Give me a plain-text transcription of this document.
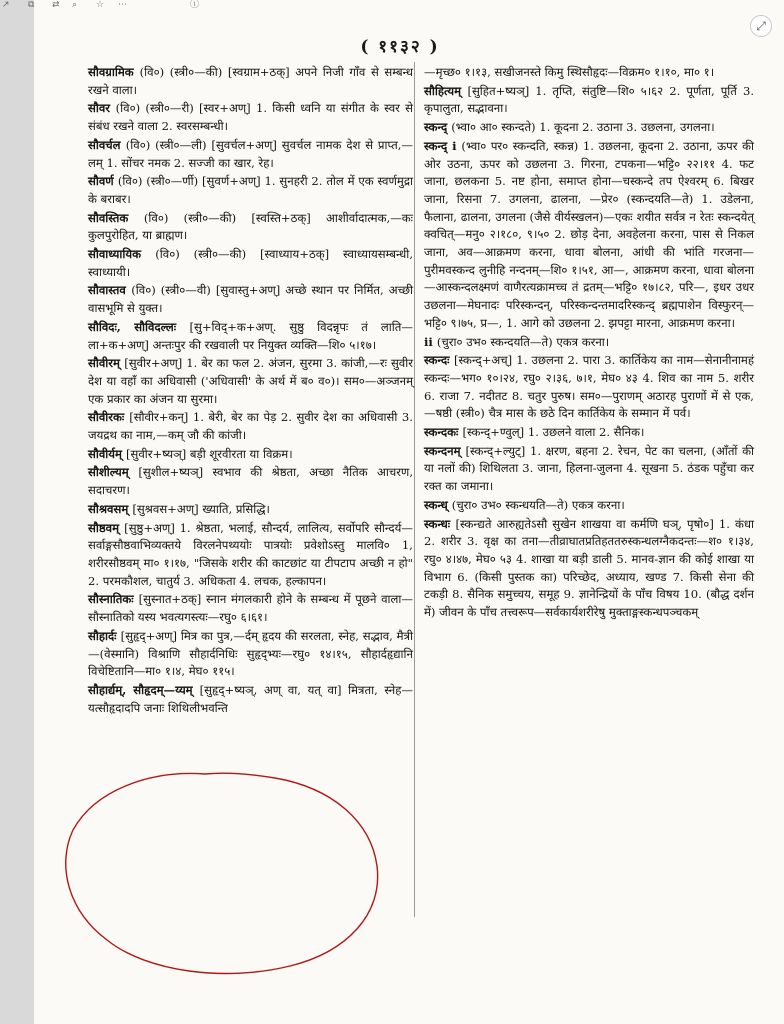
↗ ⧉ ⇄ ⌕ ☆ ⋯	ⓘ
⤢
( ११३२ )

सौवग्रामिक (वि०) (स्त्री०—की) [स्वग्राम+ठक्] अपने निजी गाँव से सम्बन्ध रखने वाला।

सौवर (वि०) (स्त्री०—री) [स्वर+अण्] 1. किसी ध्वनि या संगीत के स्वर से संबंध रखने वाला 2. स्वरसम्बन्धी।

सौवर्चल (वि०) (स्त्री०—ली) [सुवर्चल+अण्] सुवर्चल नामक देश से प्राप्त,—लम् 1. सोंचर नमक 2. सज्जी का खार, रेह।

सौवर्ण (वि०) (स्त्री०—र्णी) [सुवर्ण+अण्] 1. सुनहरी 2. तोल में एक स्वर्णमुद्रा के बराबर।

सौवस्तिक (वि०) (स्त्री०—की) [स्वस्ति+ठक्] आशीर्वादात्मक,—कः कुलपुरोहित, या ब्राह्मण।

सौवाध्यायिक (वि०) (स्त्री०—की) [स्वाध्याय+ठक्] स्वाध्यायसम्बन्धी, स्वाध्यायी।

सौवास्तव (वि०) (स्त्री०—वी) [सुवास्तु+अण्] अच्छे स्थान पर निर्मित, अच्छी वासभूमि से युक्त।

सौविदः, सौविदल्लः [सु+विद्+क+अण्. सुष्ठु विदन्नृपः तं लाति—ला+क+अण्] अन्तःपुर की रखवाली पर नियुक्त व्यक्ति—शि० ५।१७।

सौवीरम् [सुवीर+अण्] 1. बेर का फल 2. अंजन, सुरमा 3. कांजी,—रः सुवीर देश या वहाँ का अधिवासी ('अधिवासी' के अर्थ में ब० व०)। सम०—अञ्जनम् एक प्रकार का अंजन या सुरमा।

सौवीरकः [सौवीर+कन्] 1. बेरी, बेर का पेड़ 2. सुवीर देश का अधिवासी 3. जयद्रथ का नाम,—कम् जौ की कांजी।

सौवीर्यम् [सुवीर+ष्यञ्] बड़ी शूरवीरता या विक्रम।

सौशील्यम् [सुशील+ष्यञ्] स्वभाव की श्रेष्ठता, अच्छा नैतिक आचरण, सदाचरण।

सौश्रवसम् [सुश्रवस+अण्] ख्याति, प्रसिद्धि।

सौष्ठवम् [सुष्ठु+अण्] 1. श्रेष्ठता, भलाई, सौन्दर्य, लालित्य, सर्वोपरि सौन्दर्य—सर्वाङ्गसौष्ठवाभिव्यक्तये विरलनेपथ्ययोः पात्रयोः प्रवेशोऽस्तु मालवि० 1, शरीरसौष्ठवम् मा० १।१७, "जिसके शरीर की काटछांट या टीपटाप अच्छी न हो" 2. परमकौशल, चातुर्य 3. अधिकता 4. लचक, हल्कापन।

सौस्नातिकः [सुस्नात+ठक्] स्नान मंगलकारी होने के सम्बन्ध में पूछने वाला—सौस्नातिको यस्य भवत्यगस्त्यः—रघु० ६।६१।

सौहार्दः [सुहृद्+अण्] मित्र का पुत्र,—र्दम् हृदय की सरलता, स्नेह, सद्भाव, मैत्री—(वेस्मानि) विश्राणि सौहार्दनिधिः सुहृद्भ्यः—रघु० १४।१५, सौहार्दहृद्यानि विचेष्टितानि—मा० १।४, मेघ० ११५।

सौहार्द्यम्, सौहृदम्—य्यम् [सुहृद्+ष्यञ्, अण् वा, यत् वा] मित्रता, स्नेह—यत्सौहृदादपि जनाः शिथिलीभवन्ति

—मृच्छ० १।१३, सखीजनस्ते किमु स्थिसौहृदः—विक्रम० १।१०, मा० १।

सौहित्यम् [सुहित+ष्यञ्] 1. तृप्ति, संतुष्टि—शि० ५।६२ 2. पूर्णता, पूर्ति 3. कृपालुता, सद्भावना।

स्कन्द् (भ्वा० आ० स्कन्दते) 1. कूदना 2. उठाना 3. उछलना, उगलना।

स्कन्द् i (भ्वा० पर० स्कन्दति, स्कन्न) 1. उछलना, कूदना 2. उठाना, ऊपर की ओर उठना, ऊपर को उछलना 3. गिरना, टपकना—भट्टि० २२।११ 4. फट जाना, छलकना 5. नष्ट होना, समाप्त होना—चस्कन्दे तप ऐश्वरम् 6. बिखर जाना, रिसना 7. उगलना, ढालना, —प्रेर० (स्कन्दयति—ते) 1. उडेलना, फैलाना, ढालना, उगलना (जैसे वीर्यस्खलन)—एकः शयीत सर्वत्र न रेतः स्कन्दयेत् क्वचित्—मनु० २।१८०, ९।५० 2. छोड़ देना, अवहेलना करना, पास से निकल जाना, अव—आक्रमण करना, धावा बोलना, आंधी की भांति गरजना—पुरीमवस्कन्द लुनीहि नन्दनम्—शि० १।५१, आ—, आक्रमण करना, धावा बोलना—आस्कन्दलक्ष्मणं वाणैरत्यक्रामच्च तं द्रतम्—भट्टि० १७।८२, परि—, इधर उधर उछलना—मेघनादः परिस्कन्दन्, परिस्कन्दन्तमादरिस्कन्द् ब्रह्मपाशेन विस्फुरन्—भट्टि० ९।७५, प्र—, 1. आगे को उछलना 2. झपट्टा मारना, आक्रमण करना।

ii (चुरा० उभ० स्कन्दयति—ते) एकत्र करना।

स्कन्दः [स्कन्द्+अच्] 1. उछलना 2. पारा 3. कार्तिकेय का नाम—सेनानीनामहं स्कन्दः—भग० १०।२४, रघु० २।३६, ७।१, मेघ० ४३ 4. शिव का नाम 5. शरीर 6. राजा 7. नदीतट 8. चतुर पुरुष। सम०—पुराणम् अठारह पुराणों में से एक,—षष्ठी (स्त्री०) चैत्र मास के छठे दिन कार्तिकेय के सम्मान में पर्व।

स्कन्दकः [स्कन्द्+ण्वुल्] 1. उछलने वाला 2. सैनिक।

स्कन्दनम् [स्कन्द्+ल्युट्] 1. क्षरण, बहना 2. रेचन, पेट का चलना, (आँतों की या नलों की) शिथिलता 3. जाना, हिलना-जुलना 4. सूखना 5. ठंडक पहुँचा कर रक्त का जमाना।

स्कन्ध् (चुरा० उभ० स्कन्धयति—ते) एकत्र करना।

स्कन्धः [स्कन्द्यते आरुह्यतेऽसौ सुखेन शाखया वा कर्मणि घञ्, पृषो०] 1. कंधा 2. शरीर 3. वृक्ष का तना—तीव्राघातप्रतिहततरुस्कन्धलग्नैकदन्तः—श० १।३४, रघु० ४।४७, मेघ० ५३ 4. शाखा या बड़ी डाली 5. मानव-ज्ञान की कोई शाखा या विभाग 6. (किसी पुस्तक का) परिच्छेद, अध्याय, खण्ड 7. किसी सेना की टकड़ी 8. सैनिक समुच्चय, समूह 9. ज्ञानेन्द्रियों के पाँच विषय 10. (बौद्ध दर्शन में) जीवन के पाँच तत्त्वरूप—सर्वकार्यशरीरेषु मुक्ताङ्गस्कन्धपञ्चकम्
